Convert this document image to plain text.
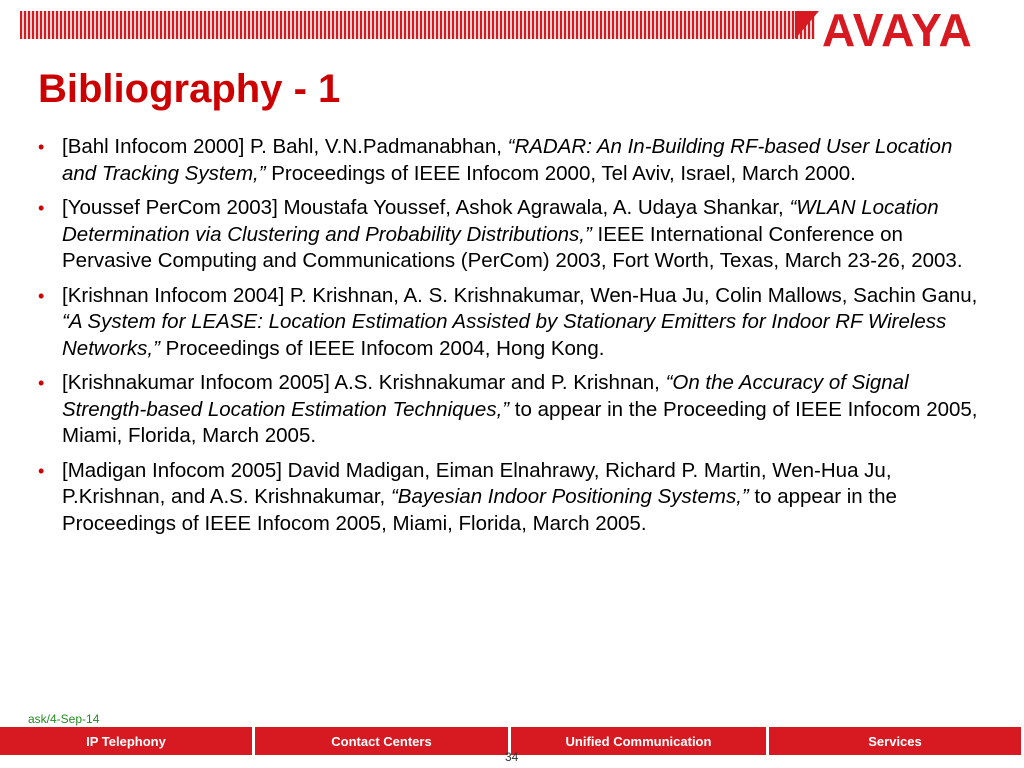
AVAYA
Bibliography - 1
• [Bahl Infocom 2000] P. Bahl, V.N.Padmanabhan, “RADAR: An In-Building RF-based User Location and Tracking System,” Proceedings of IEEE Infocom 2000, Tel Aviv, Israel, March 2000.
• [Youssef PerCom 2003] Moustafa Youssef, Ashok Agrawala, A. Udaya Shankar, “WLAN Location Determination via Clustering and Probability Distributions,” IEEE International Conference on Pervasive Computing and Communications (PerCom) 2003, Fort Worth, Texas, March 23-26, 2003.
• [Krishnan Infocom 2004] P. Krishnan, A. S. Krishnakumar, Wen-Hua Ju, Colin Mallows, Sachin Ganu, “A System for LEASE: Location Estimation Assisted by Stationary Emitters for Indoor RF Wireless Networks,” Proceedings of IEEE Infocom 2004, Hong Kong.
• [Krishnakumar Infocom 2005] A.S. Krishnakumar and P. Krishnan, “On the Accuracy of Signal Strength-based Location Estimation Techniques,” to appear in the Proceeding of IEEE Infocom 2005, Miami, Florida, March 2005.
• [Madigan Infocom 2005] David Madigan, Eiman Elnahrawy, Richard P. Martin, Wen-Hua Ju, P.Krishnan, and A.S. Krishnakumar, “Bayesian Indoor Positioning Systems,” to appear in the Proceedings of IEEE Infocom 2005, Miami, Florida, March 2005.
ask/4-Sep-14
IP Telephony	Contact Centers	Unified Communication	Services
34
